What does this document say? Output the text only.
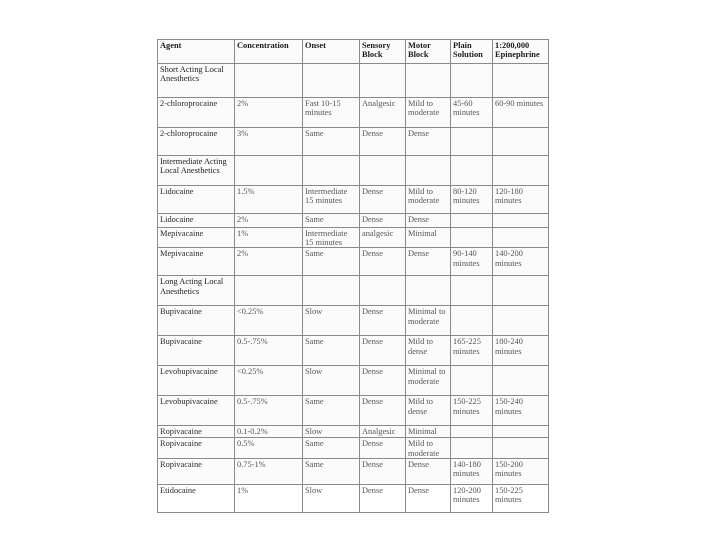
Agent	Concentration	Onset	Sensory Block	Motor Block	Plain Solution	1:200,000 Epinephrine
Short Acting Local Anesthetics						
2-chloroprocaine	2%	Fast 10-15 minutes	Analgesic	Mild to moderate	45-60 minutes	60-90 minutes
2-chloroprocaine	3%	Same	Dense	Dense		
Intermediate Acting Local Anesthetics						
Lidocaine	1.5%	Intermediate 15 minutes	Dense	Mild to moderate	80-120 minutes	120-180 minutes
Lidocaine	2%	Same	Dense	Dense		
Mepivacaine	1%	Intermediate 15 minutes	analgesic	Minimal		
Mepivacaine	2%	Same	Dense	Dense	90-140 minutes	140-200 minutes
Long Acting Local Anesthetics						
Bupivacaine	<0.25%	Slow	Dense	Minimal to moderate		
Bupivacaine	0.5-.75%	Same	Dense	Mild to dense	165-225 minutes	180-240 minutes
Levobupivacaine	<0.25%	Slow	Dense	Minimal to moderate		
Levobupivacaine	0.5-.75%	Same	Dense	Mild to dense	150-225 minutes	150-240 minutes
Ropivacaine	0.1-0.2%	Slow	Analgesic	Minimal		
Ropivacaine	0.5%	Same	Dense	Mild to moderate		
Ropivacaine	0.75-1%	Same	Dense	Dense	140-180 minutes	150-200 minutes
Etidocaine	1%	Slow	Dense	Dense	120-200 minutes	150-225 minutes
